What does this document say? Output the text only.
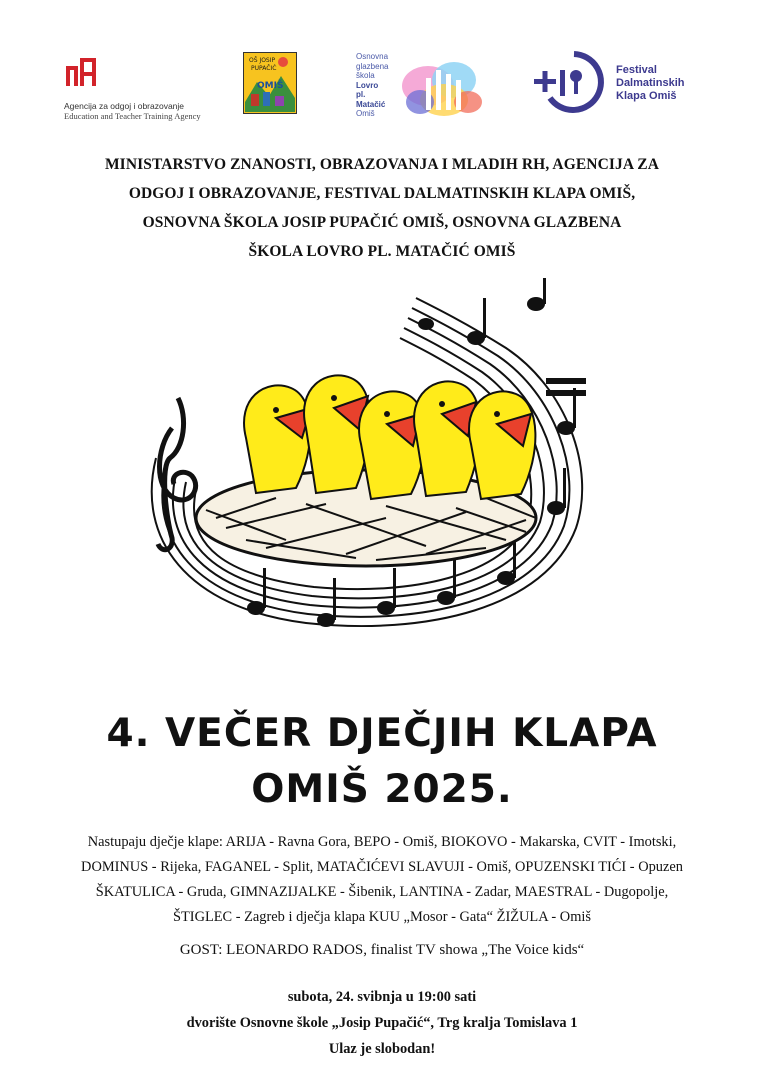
Agencija za odgoj i obrazovanje
Education and Teacher Training Agency
OŠ JOSIP
PUPAČIĆ
OMIŠ
Osnovna
glazbena
škola
Lovro
pl.
Matačić
Omiš
Festival
Dalmatinskih
Klapa Omiš
MINISTARSTVO ZNANOSTI, OBRAZOVANJA I MLADIH RH, AGENCIJA ZA
ODGOJ I OBRAZOVANJE, FESTIVAL DALMATINSKIH KLAPA OMIŠ,
OSNOVNA ŠKOLA JOSIP PUPAČIĆ OMIŠ, OSNOVNA GLAZBENA
ŠKOLA LOVRO PL. MATAČIĆ OMIŠ
4. VEČER DJEČJIH KLAPA
OMIŠ 2025.
Nastupaju dječje klape: ARIJA - Ravna Gora, BEPO - Omiš, BIOKOVO - Makarska, CVIT - Imotski,
DOMINUS - Rijeka, FAGANEL - Split, MATAČIĆEVI SLAVUJI - Omiš, OPUZENSKI TIĆI - Opuzen
ŠKATULICA - Gruda, GIMNAZIJALKE - Šibenik, LANTINA - Zadar, MAESTRAL - Dugopolje,
ŠTIGLEC - Zagreb i dječja klapa KUU „Mosor - Gata“ ŽIŽULA - Omiš
GOST: LEONARDO RADOS, finalist TV showa „The Voice kids“
subota, 24. svibnja u 19:00 sati
dvorište Osnovne škole „Josip Pupačić“, Trg kralja Tomislava 1
Ulaz je slobodan!
